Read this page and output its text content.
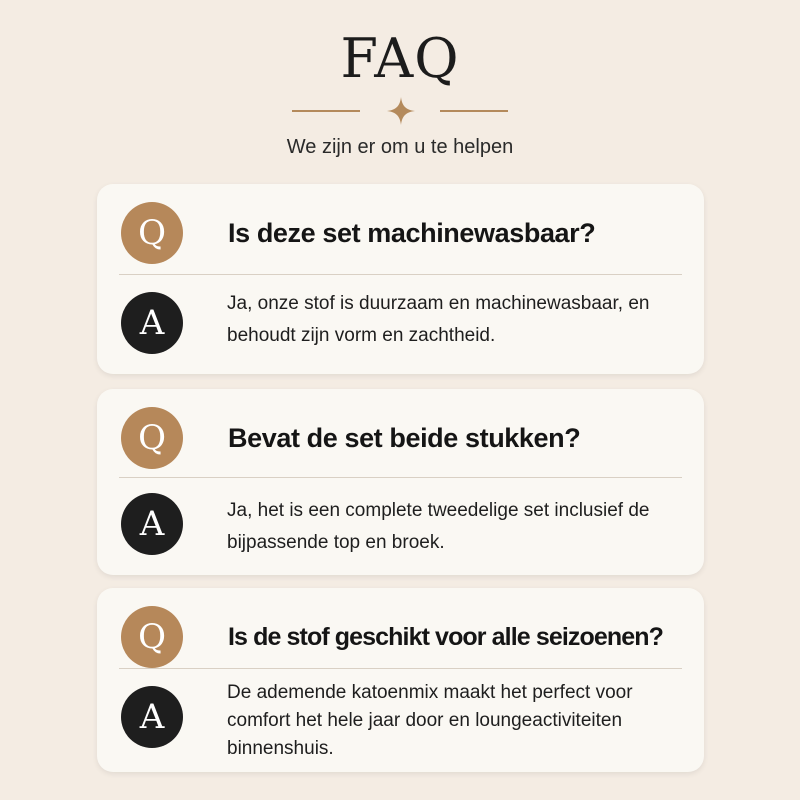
FAQ
We zijn er om u te helpen
Q	Is deze set machinewasbaar?
A	Ja, onze stof is duurzaam en machinewasbaar, en behoudt zijn vorm en zachtheid.
Q	Bevat de set beide stukken?
A	Ja, het is een complete tweedelige set inclusief de bijpassende top en broek.
Q	Is de stof geschikt voor alle seizoenen?
A
De ademende katoenmix maakt het perfect voor comfort het hele jaar door en loungeactiviteiten binnenshuis.
